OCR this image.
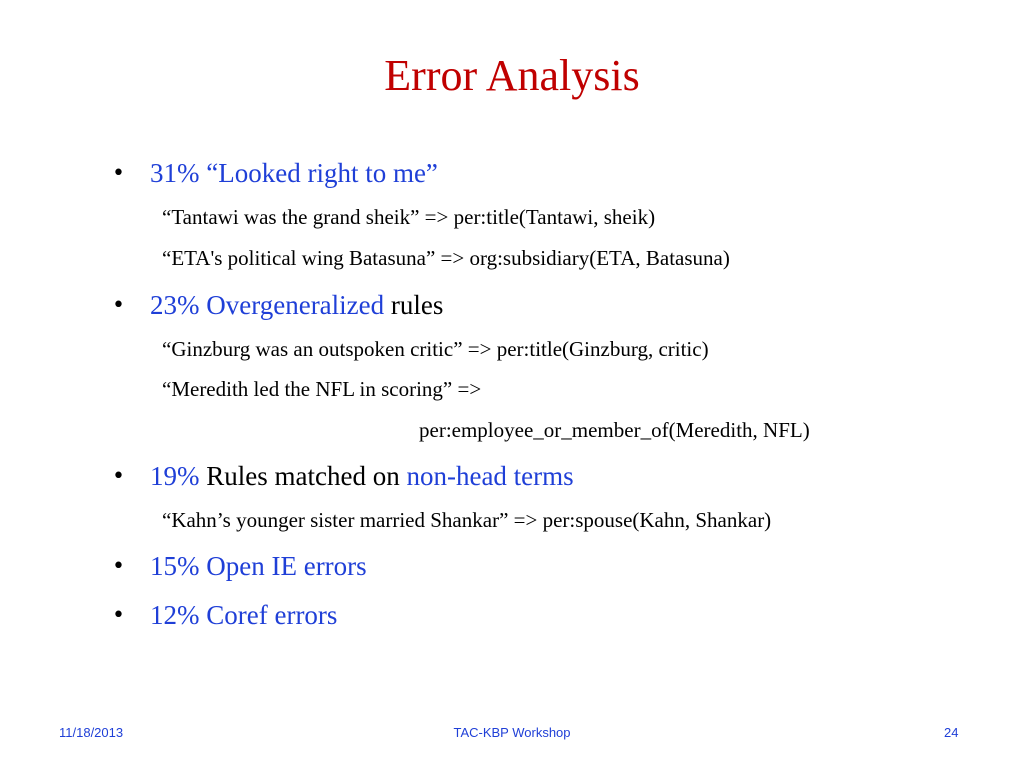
Error Analysis
• 31% “Looked right to me”
“Tantawi was the grand sheik” => per:title(Tantawi, sheik)
“ETA's political wing Batasuna” => org:subsidiary(ETA, Batasuna)
• 23% Overgeneralized rules
“Ginzburg was an outspoken critic” => per:title(Ginzburg, critic)
“Meredith led the NFL in scoring” =>
per:employee_or_member_of(Meredith, NFL)
• 19% Rules matched on non-head terms
“Kahn’s younger sister married Shankar” => per:spouse(Kahn, Shankar)
• 15% Open IE errors
• 12% Coref errors
11/18/2013	TAC-KBP Workshop	24
